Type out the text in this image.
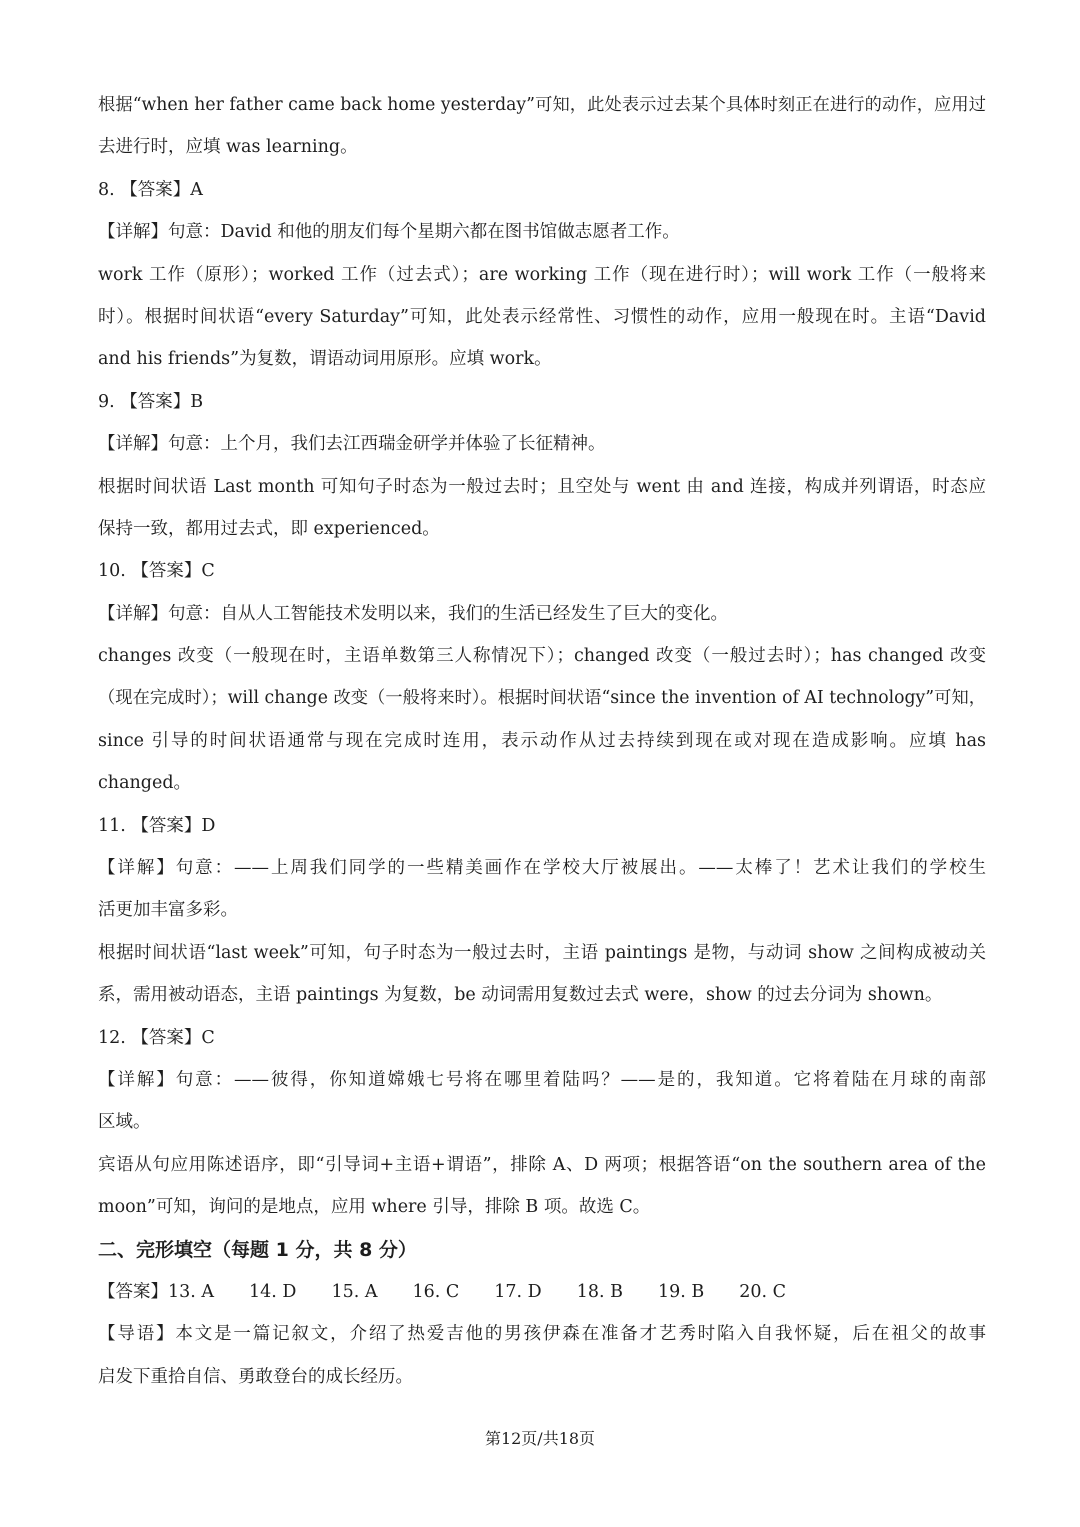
根据“when her father came back home yesterday”可知，此处表示过去某个具体时刻正在进行的动作，应用过
去进行时，应填 was learning。
8. 【答案】A
【详解】句意：David 和他的朋友们每个星期六都在图书馆做志愿者工作。
work 工作（原形）；worked 工作（过去式）；are working 工作（现在进行时）；will work 工作（一般将来
时）。根据时间状语“every Saturday”可知，此处表示经常性、习惯性的动作，应用一般现在时。主语“David
and his friends”为复数，谓语动词用原形。应填 work。
9. 【答案】B
【详解】句意：上个月，我们去江西瑞金研学并体验了长征精神。
根据时间状语 Last month 可知句子时态为一般过去时；且空处与 went 由 and 连接，构成并列谓语，时态应
保持一致，都用过去式，即 experienced。
10. 【答案】C
【详解】句意：自从人工智能技术发明以来，我们的生活已经发生了巨大的变化。
changes 改变（一般现在时，主语单数第三人称情况下）；changed 改变（一般过去时）；has changed 改变
（现在完成时）；will change 改变（一般将来时）。根据时间状语“since the invention of AI technology”可知，
since 引导的时间状语通常与现在完成时连用，表示动作从过去持续到现在或对现在造成影响。应填 has
changed。
11. 【答案】D
【详解】句意：——上周我们同学的一些精美画作在学校大厅被展出。——太棒了！艺术让我们的学校生
活更加丰富多彩。
根据时间状语“last week”可知，句子时态为一般过去时，主语 paintings 是物，与动词 show 之间构成被动关
系，需用被动语态，主语 paintings 为复数，be 动词需用复数过去式 were，show 的过去分词为 shown。
12. 【答案】C
【详解】句意：——彼得，你知道嫦娥七号将在哪里着陆吗？——是的，我知道。它将着陆在月球的南部
区域。
宾语从句应用陈述语序，即“引导词+主语+谓语”，排除 A、D 两项；根据答语“on the southern area of the
moon”可知，询问的是地点，应用 where 引导，排除 B 项。故选 C。
二、完形填空（每题 1 分，共 8 分）
【答案】13. A　　14. D　　15. A　　16. C　　17. D　　18. B　　19. B　　20. C
【导语】本文是一篇记叙文，介绍了热爱吉他的男孩伊森在准备才艺秀时陷入自我怀疑，后在祖父的故事
启发下重拾自信、勇敢登台的成长经历。
第12页/共18页
